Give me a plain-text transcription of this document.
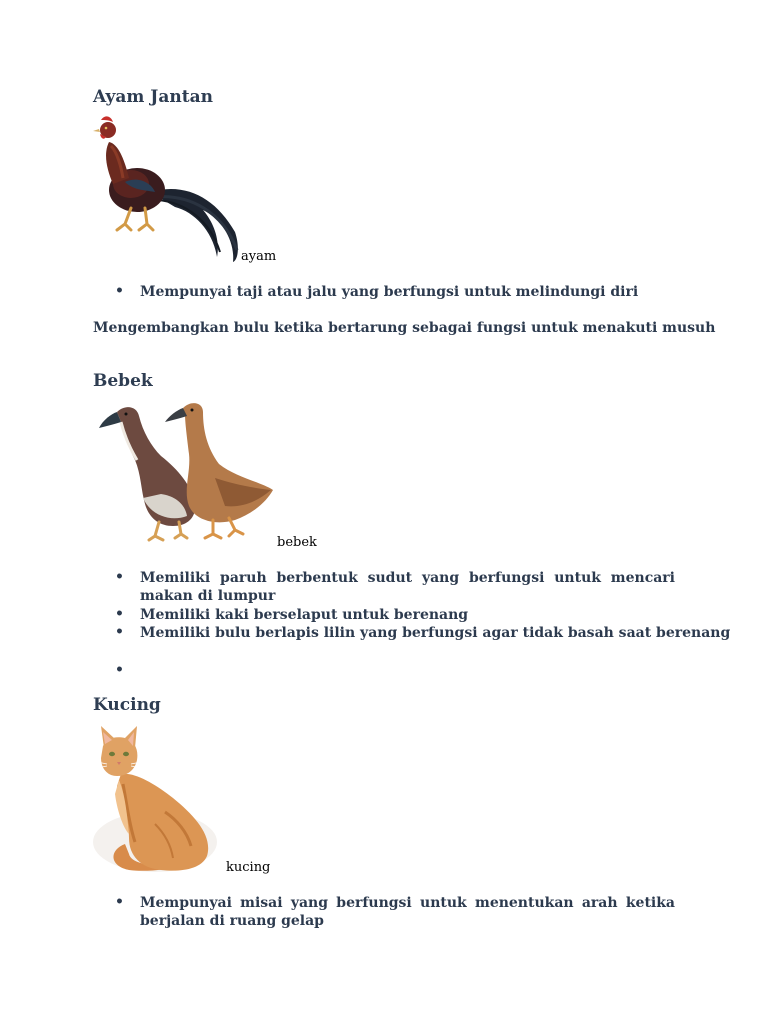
Ayam Jantan
ayam
• Mempunyai taji atau jalu yang berfungsi untuk melindungi diri
Mengembangkan bulu ketika bertarung sebagai fungsi untuk menakuti musuh
Bebek
bebek
• Memiliki paruh berbentuk sudut yang berfungsi untuk mencari makan di lumpur
• Memiliki kaki berselaput untuk berenang
• Memiliki bulu berlapis lilin yang berfungsi agar tidak basah saat berenang
•
Kucing
kucing
• Mempunyai misai yang berfungsi untuk menentukan arah ketika berjalan di ruang gelap
